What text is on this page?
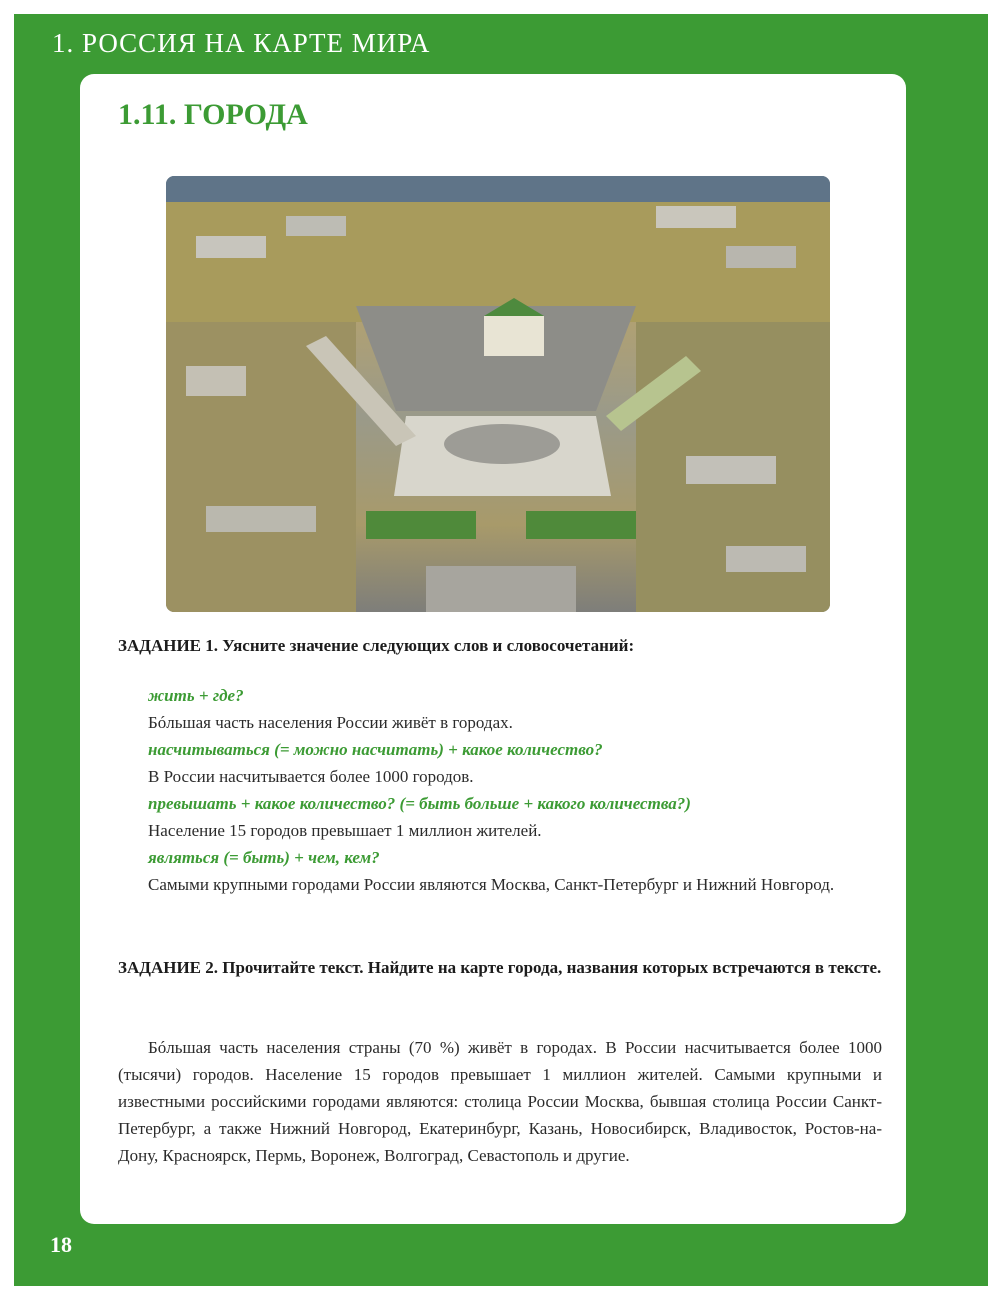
1. РОССИЯ НА КАРТЕ МИРА
1.11. ГОРОДА
ЗАДАНИЕ 1. Уясните значение следующих слов и словосочетаний:
жить + где?
Бóльшая часть населения России живёт в городах.
насчитываться (= можно насчитать) + какое количество?
В России насчитывается более 1000 городов.
превышать + какое количество? (= быть больше + какого количества?)
Население 15 городов превышает 1 миллион жителей.
являться (= быть) + чем, кем?
Самыми крупными городами России являются Москва, Санкт-Петербург и Нижний Новгород.
ЗАДАНИЕ 2. Прочитайте текст. Найдите на карте города, названия которых встречаются в тексте.
Бóльшая часть населения страны (70 %) живёт в городах. В России насчитывается более 1000 (тысячи) городов. Население 15 городов превышает 1 миллион жителей. Самыми крупными и известными российскими городами являются: столица России Москва, бывшая столица России Санкт-Петербург, а также Нижний Новгород, Екатеринбург, Казань, Новосибирск, Владивосток, Ростов-на-Дону, Красноярск, Пермь, Воронеж, Волгоград, Севастополь и другие.
18
